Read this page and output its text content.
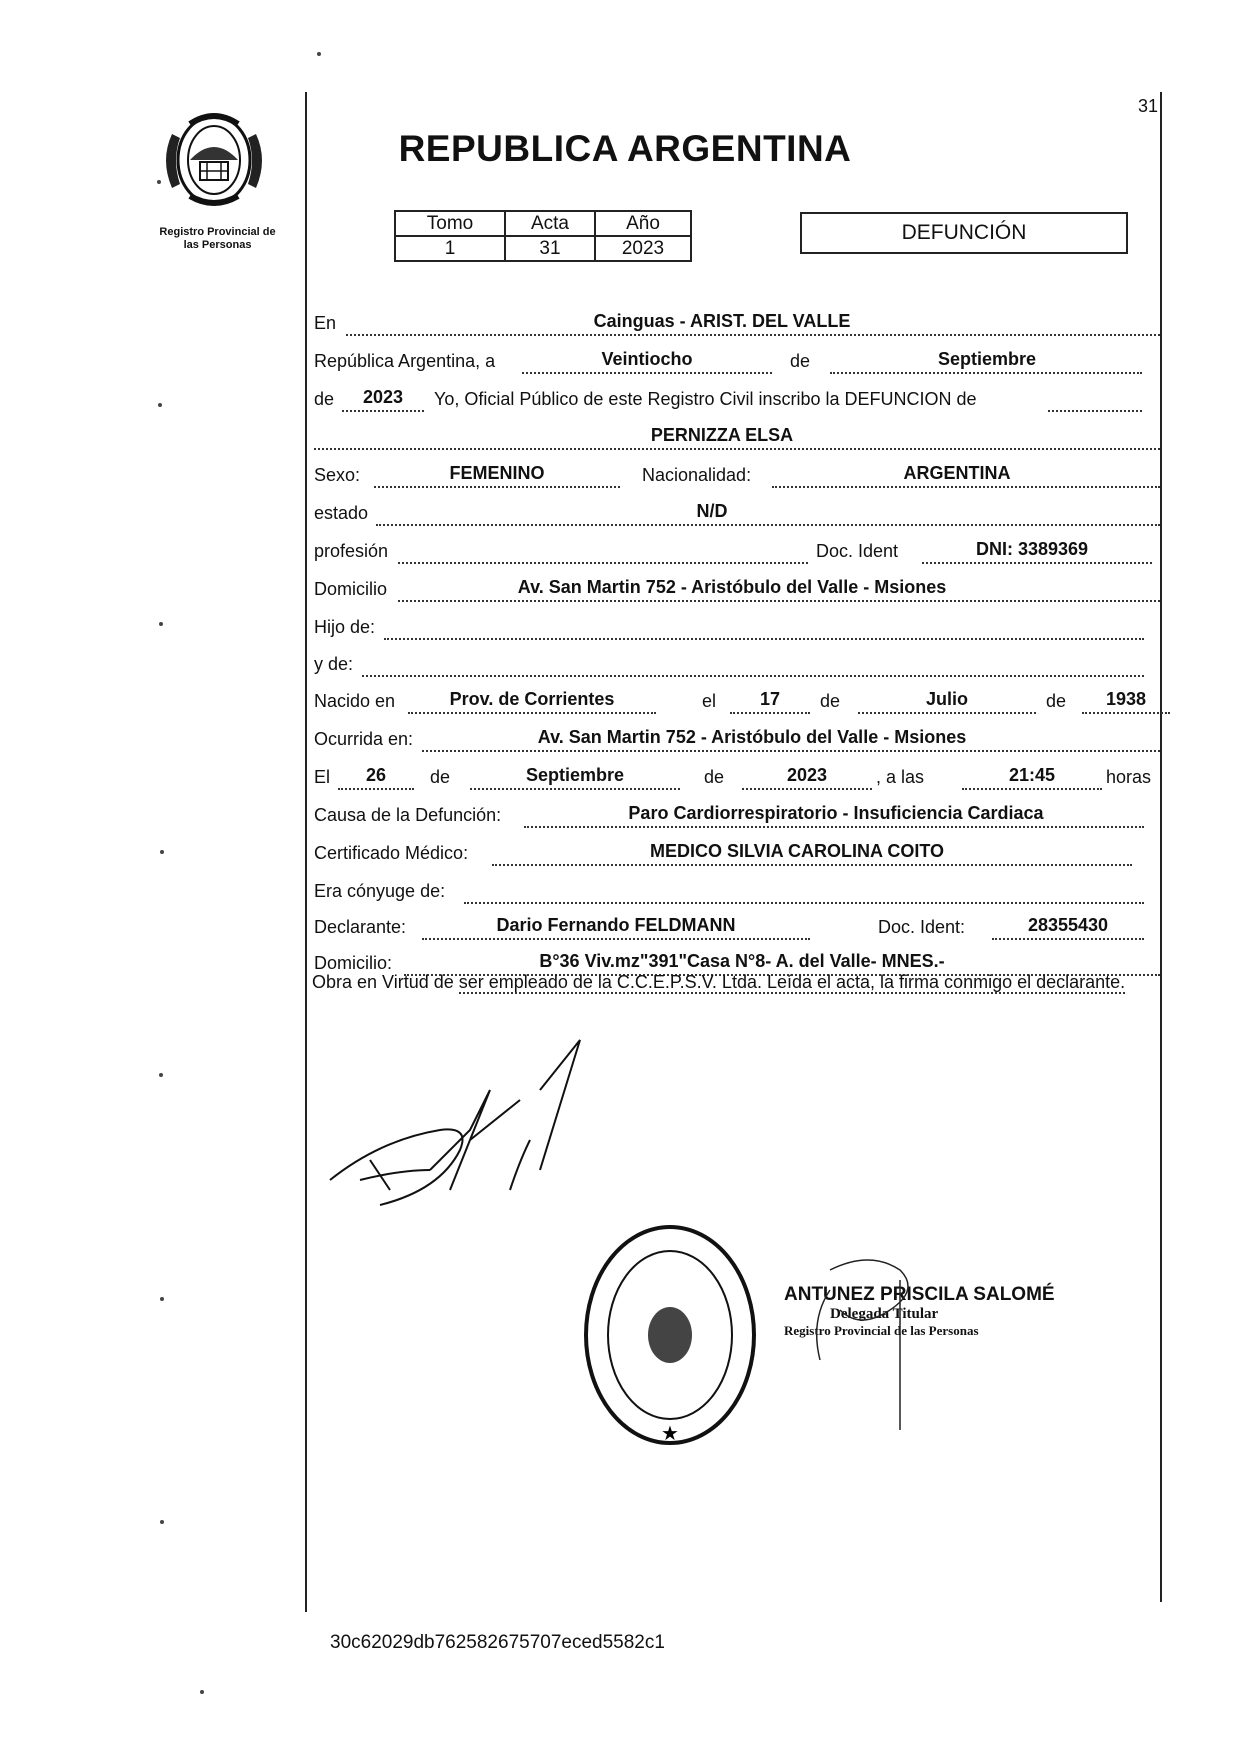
31
Registro Provincial de
las Personas
REPUBLICA ARGENTINA
Tomo	Acta	Año
1	31	2023
DEFUNCIÓN
En	Cainguas - ARIST. DEL VALLE
República Argentina, a	Veintiocho	de	Septiembre
de	2023	Yo, Oficial Público de este Registro Civil inscribo la DEFUNCION de
PERNIZZA ELSA
Sexo:	FEMENINO	Nacionalidad:	ARGENTINA
estado	N/D
profesión	Doc. Ident	DNI: 3389369
Domicilio	Av. San Martin 752 - Aristóbulo del Valle - Msiones
Hijo de:
y de:
Nacido en	Prov. de Corrientes	el	17	de	Julio	de	1938
Ocurrida en:	Av. San Martin 752 - Aristóbulo del Valle - Msiones
El	26	de	Septiembre	de	2023	, a las	21:45	horas
Causa de la Defunción:	Paro Cardiorrespiratorio - Insuficiencia Cardiaca
Certificado Médico:	MEDICO SILVIA CAROLINA COITO
Era cónyuge de:
Declarante:	Dario Fernando FELDMANN	Doc. Ident:	28355430
Domicilio:	B°36 Viv.mz"391"Casa N°8- A. del Valle- MNES.-
Obra en Virtud de ser empleado de la C.C.E.P.S.V. Ltda. Leída el acta, la firma conmigo el declarante.
★
ANTUNEZ PRISCILA SALOMÉ
Delegada Titular
Registro Provincial de las Personas
30c62029db762582675707eced5582c1
